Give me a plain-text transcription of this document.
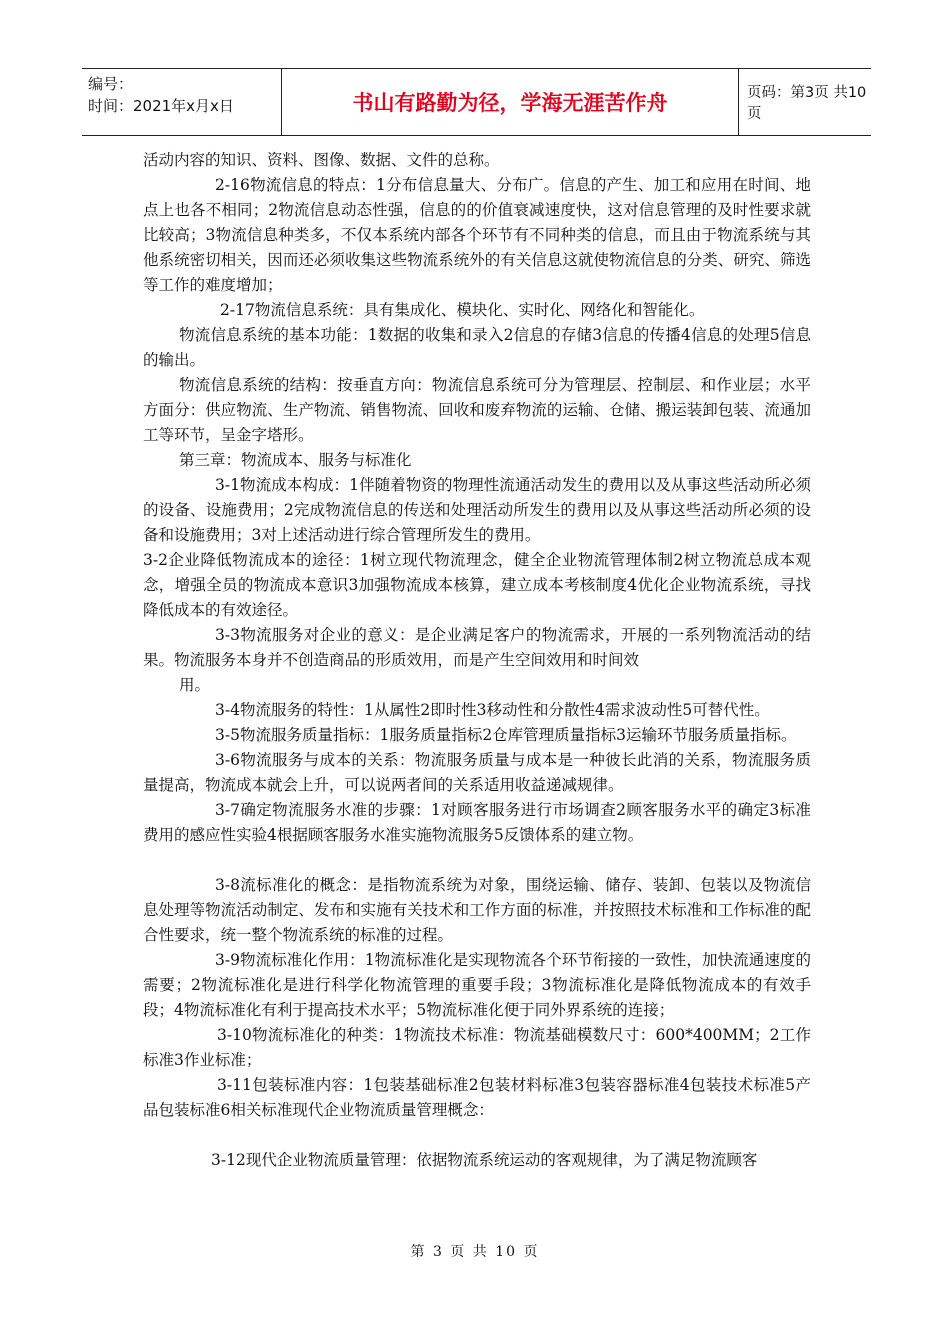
编号：
时间：2021年x月x日	书山有路勤为径，学海无涯苦作舟	页码：第3页 共10页

活动内容的知识、资料、图像、数据、文件的总称。

2-16物流信息的特点：1分布信息量大、分布广。信息的产生、加工和应用在时间、地点上也各不相同；2物流信息动态性强，信息的的价值衰减速度快，这对信息管理的及时性要求就比较高；3物流信息种类多，不仅本系统内部各个环节有不同种类的信息，而且由于物流系统与其他系统密切相关，因而还必须收集这些物流系统外的有关信息这就使物流信息的分类、研究、筛选等工作的难度增加；

2-17物流信息系统：具有集成化、模块化、实时化、网络化和智能化。

物流信息系统的基本功能：1数据的收集和录入2信息的存储3信息的传播4信息的处理5信息的输出。

物流信息系统的结构：按垂直方向：物流信息系统可分为管理层、控制层、和作业层；水平方面分：供应物流、生产物流、销售物流、回收和废弃物流的运输、仓储、搬运装卸包装、流通加工等环节，呈金字塔形。

第三章：物流成本、服务与标准化

3-1物流成本构成：1伴随着物资的物理性流通活动发生的费用以及从事这些活动所必须的设备、设施费用；2完成物流信息的传送和处理活动所发生的费用以及从事这些活动所必须的设备和设施费用；3对上述活动进行综合管理所发生的费用。

3-2企业降低物流成本的途径：1树立现代物流理念，健全企业物流管理体制2树立物流总成本观念，增强全员的物流成本意识3加强物流成本核算，建立成本考核制度4优化企业物流系统，寻找降低成本的有效途径。

3-3物流服务对企业的意义：是企业满足客户的物流需求，开展的一系列物流活动的结果。物流服务本身并不创造商品的形质效用，而是产生空间效用和时间效

用。

3-4物流服务的特性：1从属性2即时性3移动性和分散性4需求波动性5可替代性。

3-5物流服务质量指标：1服务质量指标2仓库管理质量指标3运输环节服务质量指标。

3-6物流服务与成本的关系：物流服务质量与成本是一种彼长此消的关系，物流服务质量提高，物流成本就会上升，可以说两者间的关系适用收益递减规律。

3-7确定物流服务水准的步骤：1对顾客服务进行市场调查2顾客服务水平的确定3标准费用的感应性实验4根据顾客服务水准实施物流服务5反馈体系的建立物。

3-8流标准化的概念：是指物流系统为对象，围绕运输、储存、装卸、包装以及物流信息处理等物流活动制定、发布和实施有关技术和工作方面的标准，并按照技术标准和工作标准的配合性要求，统一整个物流系统的标准的过程。

3-9物流标准化作用：1物流标准化是实现物流各个环节衔接的一致性，加快流通速度的需要；2物流标准化是进行科学化物流管理的重要手段；3物流标准化是降低物流成本的有效手段；4物流标准化有利于提高技术水平；5物流标准化便于同外界系统的连接；

3-10物流标准化的种类：1物流技术标准：物流基础模数尺寸：600*400MM；2工作标准3作业标准；

3-11包装标准内容：1包装基础标准2包装材料标准3包装容器标准4包装技术标准5产品包装标准6相关标准现代企业物流质量管理概念：

3-12现代企业物流质量管理：依据物流系统运动的客观规律，为了满足物流顾客

第 3 页 共 10 页
